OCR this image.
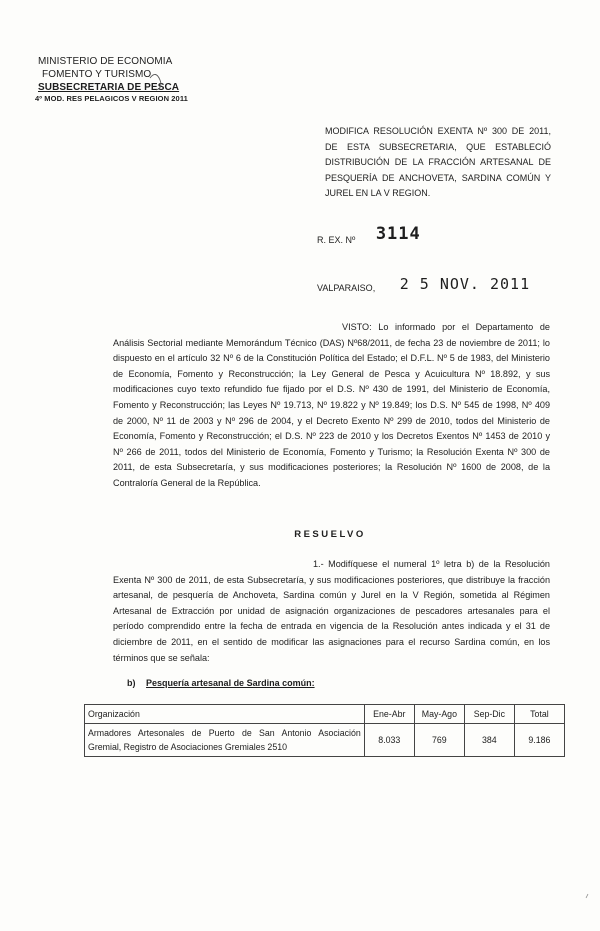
MINISTERIO DE ECONOMIA
FOMENTO Y TURISMO
SUBSECRETARIA DE PESCA
4º MOD. RES PELAGICOS V REGION 2011
MODIFICA RESOLUCIÓN EXENTA Nº 300 DE 2011, DE ESTA SUBSECRETARIA, QUE ESTABLECIÓ DISTRIBUCIÓN DE LA FRACCIÓN ARTESANAL DE PESQUERÍA DE ANCHOVETA, SARDINA COMÚN Y JUREL EN LA V REGION.
R. EX. Nº 3114
VALPARAISO, 2 5 NOV. 2011
VISTO: Lo informado por el Departamento de Análisis Sectorial mediante Memorándum Técnico (DAS) Nº68/2011, de fecha 23 de noviembre de 2011; lo dispuesto en el artículo 32 Nº 6 de la Constitución Política del Estado; el D.F.L. Nº 5 de 1983, del Ministerio de Economía, Fomento y Reconstrucción; la Ley General de Pesca y Acuicultura Nº 18.892, y sus modificaciones cuyo texto refundido fue fijado por el D.S. Nº 430 de 1991, del Ministerio de Economía, Fomento y Reconstrucción; las Leyes Nº 19.713, Nº 19.822 y Nº 19.849; los D.S. Nº 545 de 1998, Nº 409 de 2000, Nº 11 de 2003 y Nº 296 de 2004, y el Decreto Exento Nº 299 de 2010, todos del Ministerio de Economía, Fomento y Reconstrucción; el D.S. Nº 223 de 2010 y los Decretos Exentos Nº 1453 de 2010 y Nº 266 de 2011, todos del Ministerio de Economía, Fomento y Turismo; la Resolución Exenta Nº 300 de 2011, de esta Subsecretaría, y sus modificaciones posteriores; la Resolución Nº 1600 de 2008, de la Contraloría General de la República.
RESUELVO
1.- Modifíquese el numeral 1º letra b) de la Resolución Exenta Nº 300 de 2011, de esta Subsecretaría, y sus modificaciones posteriores, que distribuye la fracción artesanal, de pesquería de Anchoveta, Sardina común y Jurel en la V Región, sometida al Régimen Artesanal de Extracción por unidad de asignación organizaciones de pescadores artesanales para el período comprendido entre la fecha de entrada en vigencia de la Resolución antes indicada y el 31 de diciembre de 2011, en el sentido de modificar las asignaciones para el recurso Sardina común, en los términos que se señala:
b) Pesquería artesanal de Sardina común:
Organización	Ene-Abr	May-Ago	Sep-Dic	Total
Armadores Artesonales de Puerto de San Antonio Asociación Gremial, Registro de Asociaciones Gremiales 2510	8.033	769	384	9.186
